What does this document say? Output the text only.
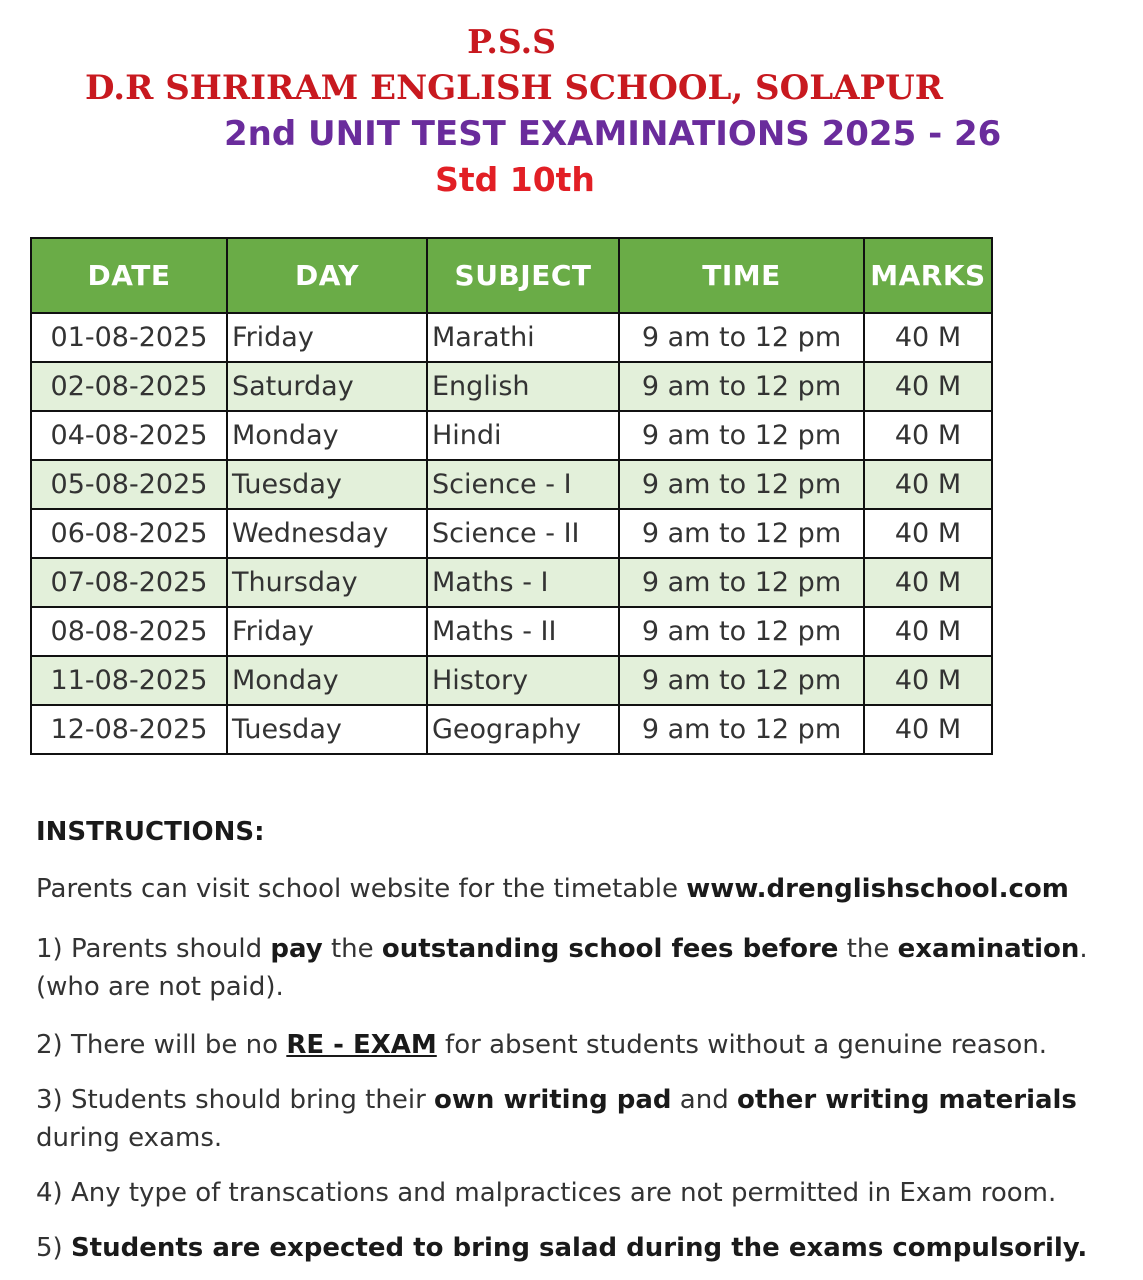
P.S.S
D.R SHRIRAM ENGLISH SCHOOL, SOLAPUR
2nd UNIT TEST EXAMINATIONS 2025 - 26
Std 10th
DATE	DAY	SUBJECT	TIME	MARKS
01-08-2025	Friday	Marathi	9 am to 12 pm	40 M
02-08-2025	Saturday	English	9 am to 12 pm	40 M
04-08-2025	Monday	Hindi	9 am to 12 pm	40 M
05-08-2025	Tuesday	Science - I	9 am to 12 pm	40 M
06-08-2025	Wednesday	Science - II	9 am to 12 pm	40 M
07-08-2025	Thursday	Maths - I	9 am to 12 pm	40 M
08-08-2025	Friday	Maths - II	9 am to 12 pm	40 M
11-08-2025	Monday	History	9 am to 12 pm	40 M
12-08-2025	Tuesday	Geography	9 am to 12 pm	40 M
INSTRUCTIONS:
Parents can visit school website for the timetable www.drenglishschool.com
1) Parents should pay the outstanding school fees before the examination.
(who are not paid).
2) There will be no RE - EXAM for absent students without a genuine reason.
3) Students should bring their own writing pad and other writing materials
during exams.
4) Any type of transcations and malpractices are not permitted in Exam room.
5) Students are expected to bring salad during the exams compulsorily.
